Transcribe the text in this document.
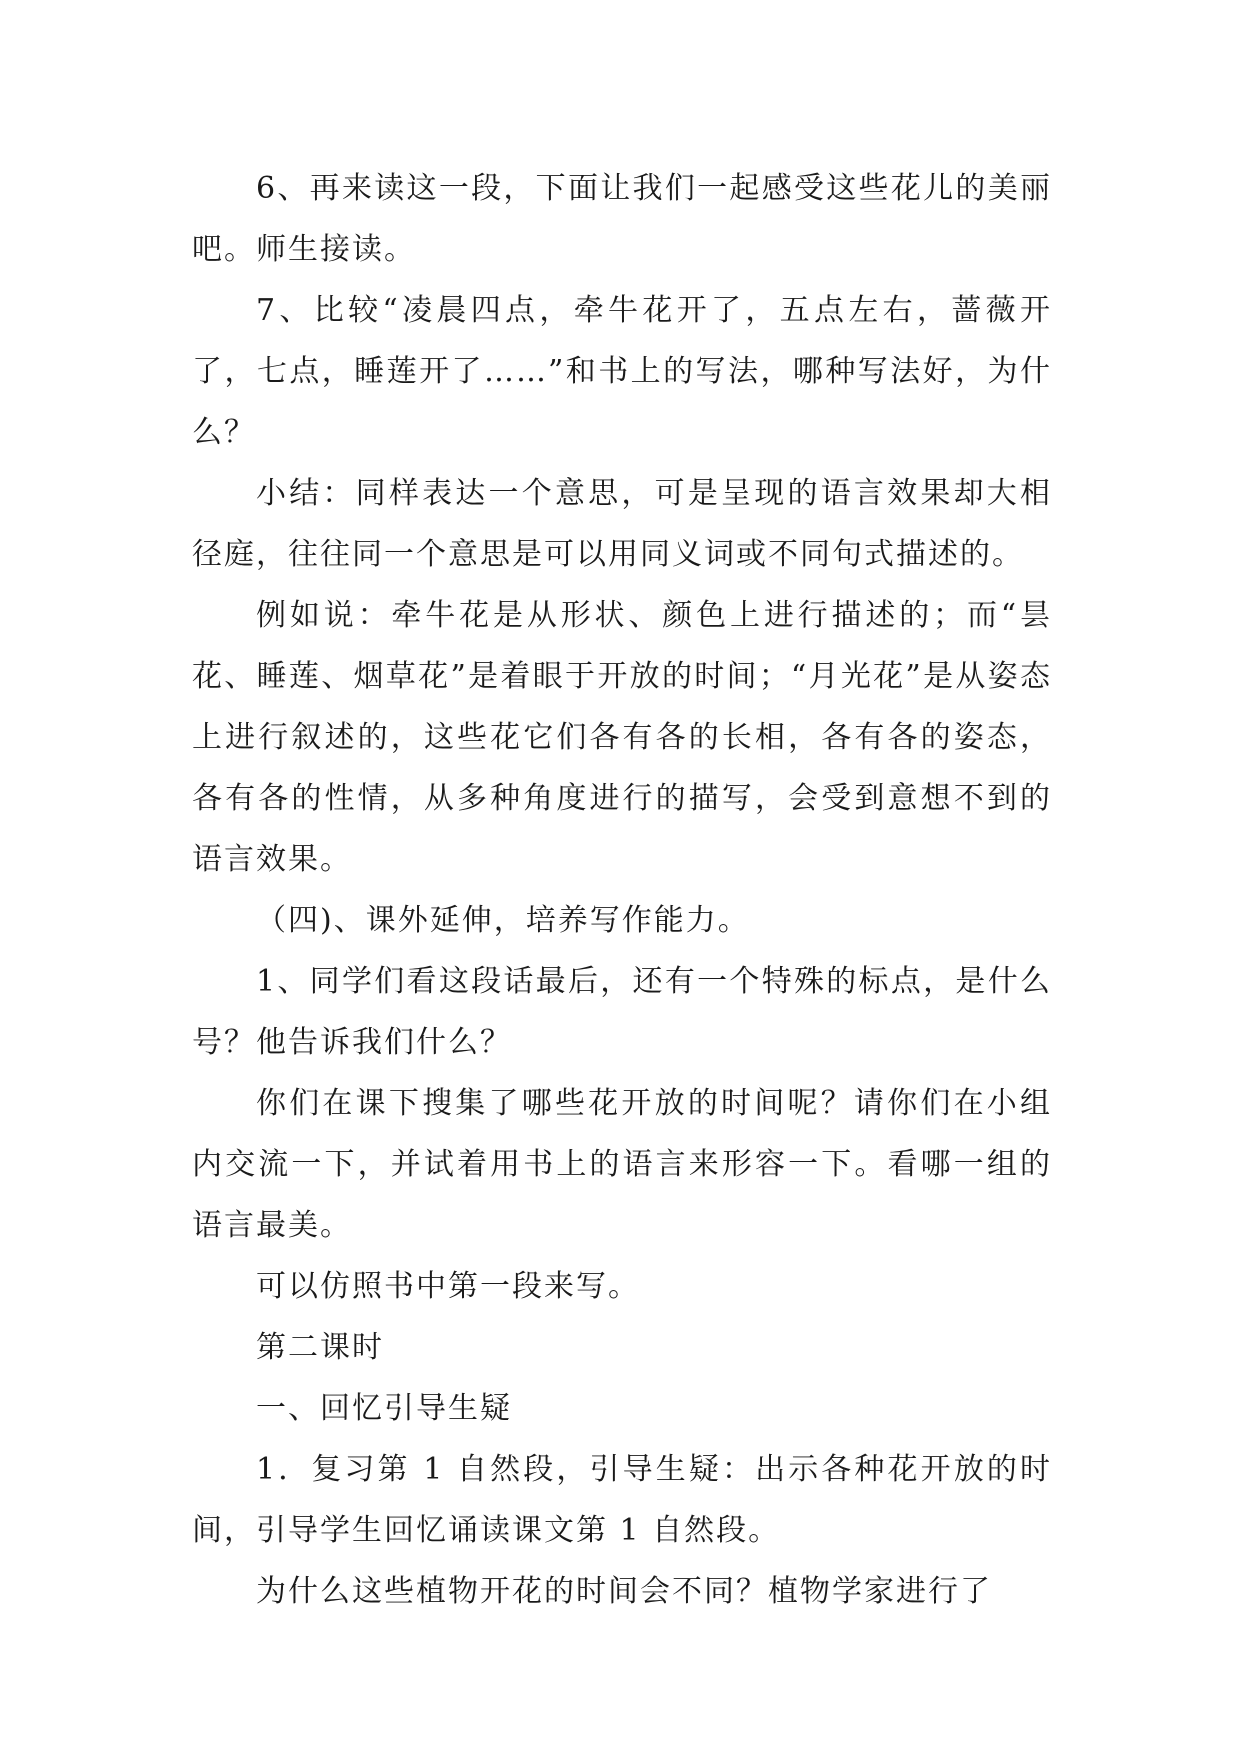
6、再来读这一段，下面让我们一起感受这些花儿的美丽吧。师生接读。

7、比较“凌晨四点，牵牛花开了，五点左右，蔷薇开了，七点，睡莲开了……”和书上的写法，哪种写法好，为什么？

小结：同样表达一个意思，可是呈现的语言效果却大相径庭，往往同一个意思是可以用同义词或不同句式描述的。

例如说：牵牛花是从形状、颜色上进行描述的；而“昙花、睡莲、烟草花”是着眼于开放的时间；“月光花”是从姿态上进行叙述的，这些花它们各有各的长相，各有各的姿态，各有各的性情，从多种角度进行的描写，会受到意想不到的语言效果。

（四)、课外延伸，培养写作能力。

1、同学们看这段话最后，还有一个特殊的标点，是什么号？他告诉我们什么？

你们在课下搜集了哪些花开放的时间呢？请你们在小组内交流一下，并试着用书上的语言来形容一下。看哪一组的语言最美。

可以仿照书中第一段来写。

第二课时

一、回忆引导生疑

1．复习第 1 自然段，引导生疑：出示各种花开放的时间，引导学生回忆诵读课文第 1 自然段。

为什么这些植物开花的时间会不同？植物学家进行了
